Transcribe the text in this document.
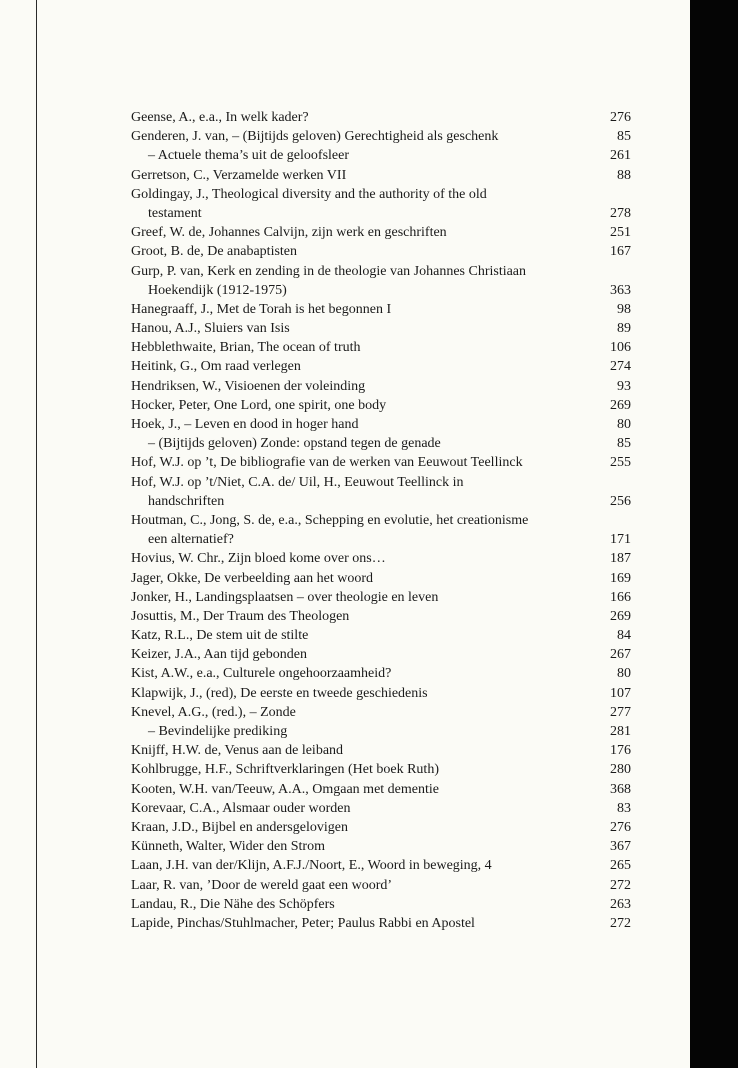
Geense, A., e.a., In welk kader?	276
Genderen, J. van, – (Bijtijds geloven) Gerechtigheid als geschenk	85
– Actuele thema’s uit de geloofsleer	261
Gerretson, C., Verzamelde werken VII	88
Goldingay, J., Theological diversity and the authority of the old
testament	278
Greef, W. de, Johannes Calvijn, zijn werk en geschriften	251
Groot, B. de, De anabaptisten	167
Gurp, P. van, Kerk en zending in de theologie van Johannes Christiaan
Hoekendijk (1912-1975)	363
Hanegraaff, J., Met de Torah is het begonnen I	98
Hanou, A.J., Sluiers van Isis	89
Hebblethwaite, Brian, The ocean of truth	106
Heitink, G., Om raad verlegen	274
Hendriksen, W., Visioenen der voleinding	93
Hocker, Peter, One Lord, one spirit, one body	269
Hoek, J., – Leven en dood in hoger hand	80
– (Bijtijds geloven) Zonde: opstand tegen de genade	85
Hof, W.J. op ’t, De bibliografie van de werken van Eeuwout Teellinck	255
Hof, W.J. op ’t/Niet, C.A. de/ Uil, H., Eeuwout Teellinck in
handschriften	256
Houtman, C., Jong, S. de, e.a., Schepping en evolutie, het creationisme
een alternatief?	171
Hovius, W. Chr., Zijn bloed kome over ons…	187
Jager, Okke, De verbeelding aan het woord	169
Jonker, H., Landingsplaatsen – over theologie en leven	166
Josuttis, M., Der Traum des Theologen	269
Katz, R.L., De stem uit de stilte	84
Keizer, J.A., Aan tijd gebonden	267
Kist, A.W., e.a., Culturele ongehoorzaamheid?	80
Klapwijk, J., (red), De eerste en tweede geschiedenis	107
Knevel, A.G., (red.), – Zonde	277
– Bevindelijke prediking	281
Knijff, H.W. de, Venus aan de leiband	176
Kohlbrugge, H.F., Schriftverklaringen (Het boek Ruth)	280
Kooten, W.H. van/Teeuw, A.A., Omgaan met dementie	368
Korevaar, C.A., Alsmaar ouder worden	83
Kraan, J.D., Bijbel en andersgelovigen	276
Künneth, Walter, Wider den Strom	367
Laan, J.H. van der/Klijn, A.F.J./Noort, E., Woord in beweging, 4	265
Laar, R. van, ’Door de wereld gaat een woord’	272
Landau, R., Die Nähe des Schöpfers	263
Lapide, Pinchas/Stuhlmacher, Peter; Paulus Rabbi en Apostel	272
